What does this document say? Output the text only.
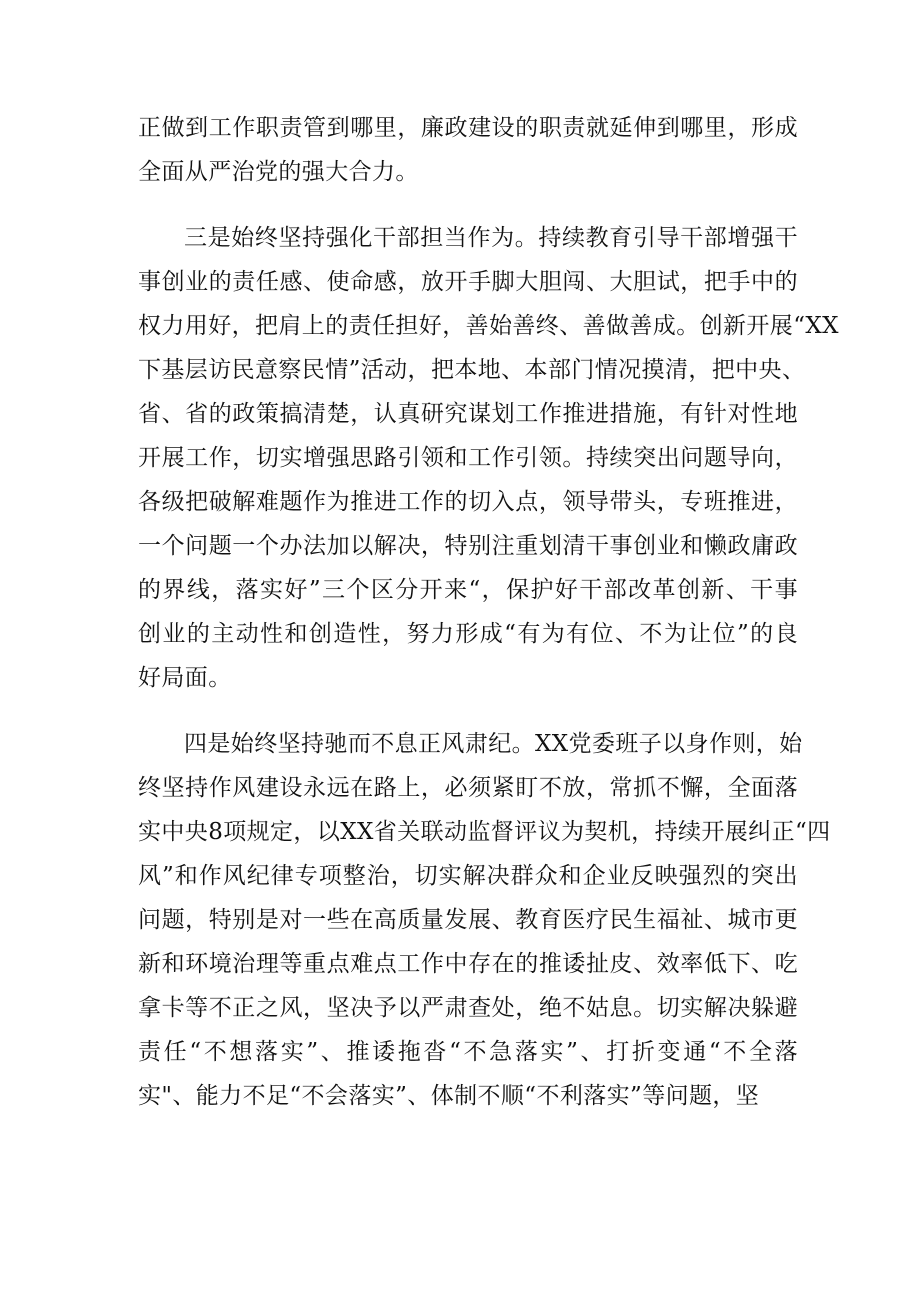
正做到工作职责管到哪里，廉政建设的职责就延伸到哪里，形成
全面从严治党的强大合力。
三是始终坚持强化干部担当作为。持续教育引导干部增强干
事创业的责任感、使命感，放开手脚大胆闯、大胆试，把手中的
权力用好，把肩上的责任担好，善始善终、善做善成。创新开展“XX
下基层访民意察民情”活动，把本地、本部门情况摸清，把中央、
省、省的政策搞清楚，认真研究谋划工作推进措施，有针对性地
开展工作，切实增强思路引领和工作引领。持续突出问题导向，
各级把破解难题作为推进工作的切入点，领导带头，专班推进，
一个问题一个办法加以解决，特别注重划清干事创业和懒政庸政
的界线，落实好”三个区分开来“，保护好干部改革创新、干事
创业的主动性和创造性，努力形成“有为有位、不为让位”的良
好局面。
四是始终坚持驰而不息正风肃纪。XX党委班子以身作则，始
终坚持作风建设永远在路上，必须紧盯不放，常抓不懈，全面落
实中央8项规定，以XX省关联动监督评议为契机，持续开展纠正“四
风”和作风纪律专项整治，切实解决群众和企业反映强烈的突出
问题，特别是对一些在高质量发展、教育医疗民生福祉、城市更
新和环境治理等重点难点工作中存在的推诿扯皮、效率低下、吃
拿卡等不正之风，坚决予以严肃查处，绝不姑息。切实解决躲避
责任“不想落实”、推诿拖沓“不急落实”、打折变通“不全落
实"、能力不足“不会落实”、体制不顺“不利落实”等问题，坚
